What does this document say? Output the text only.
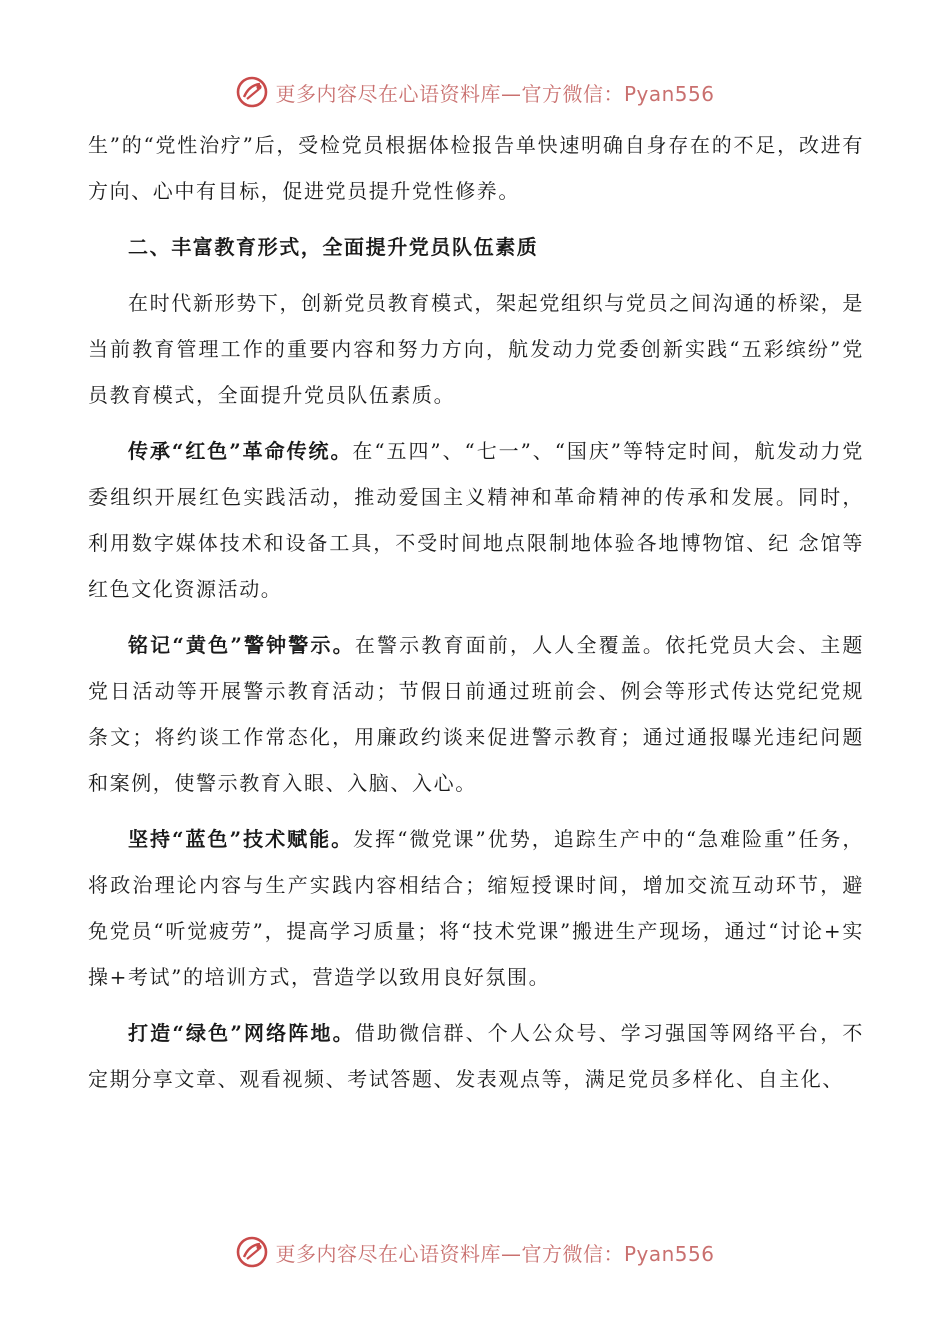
更多内容尽在心语资料库—官方微信：Pyan556

生”的“党性治疗”后，受检党员根据体检报告单快速明确自身存在的不足，改进有方向、心中有目标，促进党员提升党性修养。

二、丰富教育形式，全面提升党员队伍素质

在时代新形势下，创新党员教育模式，架起党组织与党员之间沟通的桥梁，是当前教育管理工作的重要内容和努力方向，航发动力党委创新实践“五彩缤纷”党员教育模式，全面提升党员队伍素质。

传承“红色”革命传统。在“五四”、“七一”、“国庆”等特定时间，航发动力党委组织开展红色实践活动，推动爱国主义精神和革命精神的传承和发展。同时，利用数字媒体技术和设备工具，不受时间地点限制地体验各地博物馆、纪 念馆等红色文化资源活动。

铭记“黄色”警钟警示。在警示教育面前，人人全覆盖。依托党员大会、主题党日活动等开展警示教育活动；节假日前通过班前会、例会等形式传达党纪党规条文；将约谈工作常态化，用廉政约谈来促进警示教育；通过通报曝光违纪问题和案例，使警示教育入眼、入脑、入心。

坚持“蓝色”技术赋能。发挥“微党课”优势，追踪生产中的“急难险重”任务，将政治理论内容与生产实践内容相结合；缩短授课时间，增加交流互动环节，避免党员“听觉疲劳”，提高学习质量；将“技术党课”搬进生产现场，通过“讨论+实操+考试”的培训方式，营造学以致用良好氛围。

打造“绿色”网络阵地。借助微信群、个人公众号、学习强国等网络平台，不定期分享文章、观看视频、考试答题、发表观点等，满足党员多样化、自主化、

更多内容尽在心语资料库—官方微信：Pyan556
